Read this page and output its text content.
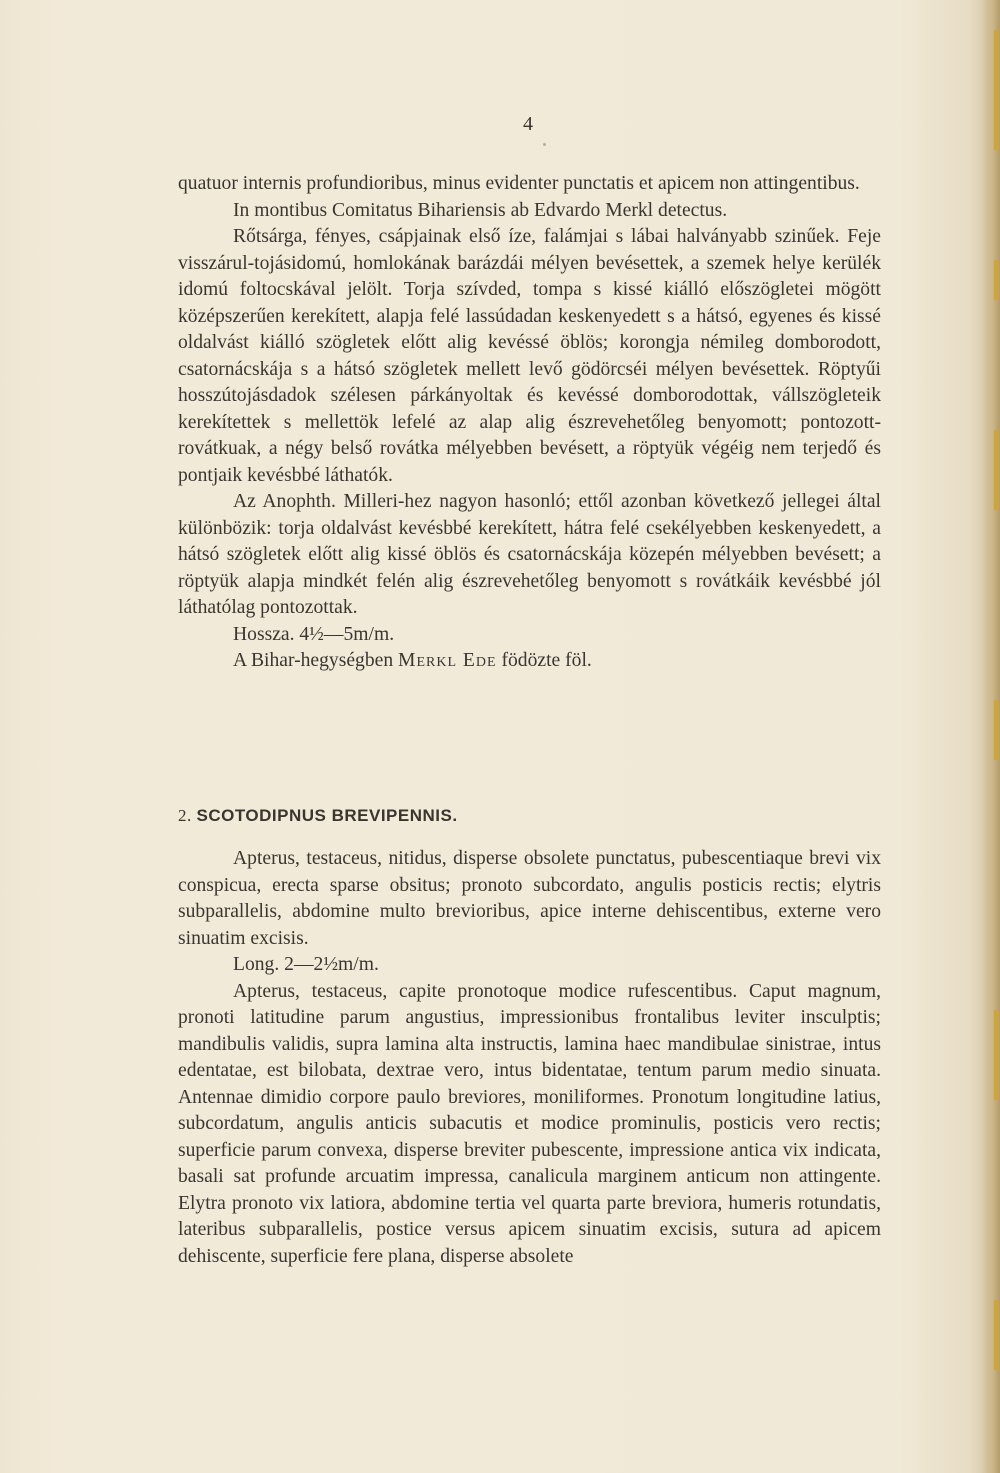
4

quatuor internis profundioribus, minus evidenter punctatis et apicem non attingentibus.

In montibus Comitatus Bihariensis ab Edvardo Merkl detectus.

Rőtsárga, fényes, csápjainak első íze, falámjai s lábai halványabb szinűek. Feje visszárul-tojásidomú, homlokának barázdái mélyen bevésettek, a szemek helye kerülék idomú foltocskával jelölt. Torja szívded, tompa s kissé kiálló előszögletei mögött középszerűen kerekített, alapja felé lassúdadan keskenyedett s a hátsó, egyenes és kissé oldalvást kiálló szögletek előtt alig kevéssé öblös; korongja némileg domborodott, csatornácskája s a hátsó szögletek mellett levő gödörcséi mélyen bevésettek. Röptyűi hosszútojásdadok szélesen párkányoltak és kevéssé domborodottak, vállszögleteik kerekítettek s mellettök lefelé az alap alig észrevehetőleg benyomott; pontozott-rovátkuak, a négy belső rovátka mélyebben bevésett, a röptyük végéig nem terjedő és pontjaik kevésbbé láthatók.

Az Anophth. Milleri-hez nagyon hasonló; ettől azonban következő jellegei által különbözik: torja oldalvást kevésbbé kerekített, hátra felé csekélyebben keskenyedett, a hátsó szögletek előtt alig kissé öblös és csatornácskája közepén mélyebben bevésett; a röptyük alapja mindkét felén alig észrevehetőleg benyomott s rovátkáik kevésbbé jól láthatólag pontozottak.

Hossza. 4½—5m/m.

A Bihar-hegységben Merkl Ede födözte föl.

2. SCOTODIPNUS BREVIPENNIS.

Apterus, testaceus, nitidus, disperse obsolete punctatus, pubescentiaque brevi vix conspicua, erecta sparse obsitus; pronoto subcordato, angulis posticis rectis; elytris subparallelis, abdomine multo brevioribus, apice interne dehiscentibus, externe vero sinuatim excisis.

Long. 2—2½m/m.

Apterus, testaceus, capite pronotoque modice rufescentibus. Caput magnum, pronoti latitudine parum angustius, impressionibus frontalibus leviter insculptis; mandibulis validis, supra lamina alta instructis, lamina haec mandibulae sinistrae, intus edentatae, est bilobata, dextrae vero, intus bidentatae, tentum parum medio sinuata. Antennae dimidio corpore paulo breviores, moniliformes. Pronotum longitudine latius, subcordatum, angulis anticis subacutis et modice prominulis, posticis vero rectis; superficie parum convexa, disperse breviter pubescente, impressione antica vix indicata, basali sat profunde arcuatim impressa, canalicula marginem anticum non attingente. Elytra pronoto vix latiora, abdomine tertia vel quarta parte breviora, humeris rotundatis, lateribus subparallelis, postice versus apicem sinuatim excisis, sutura ad apicem dehiscente, superficie fere plana, disperse absolete
